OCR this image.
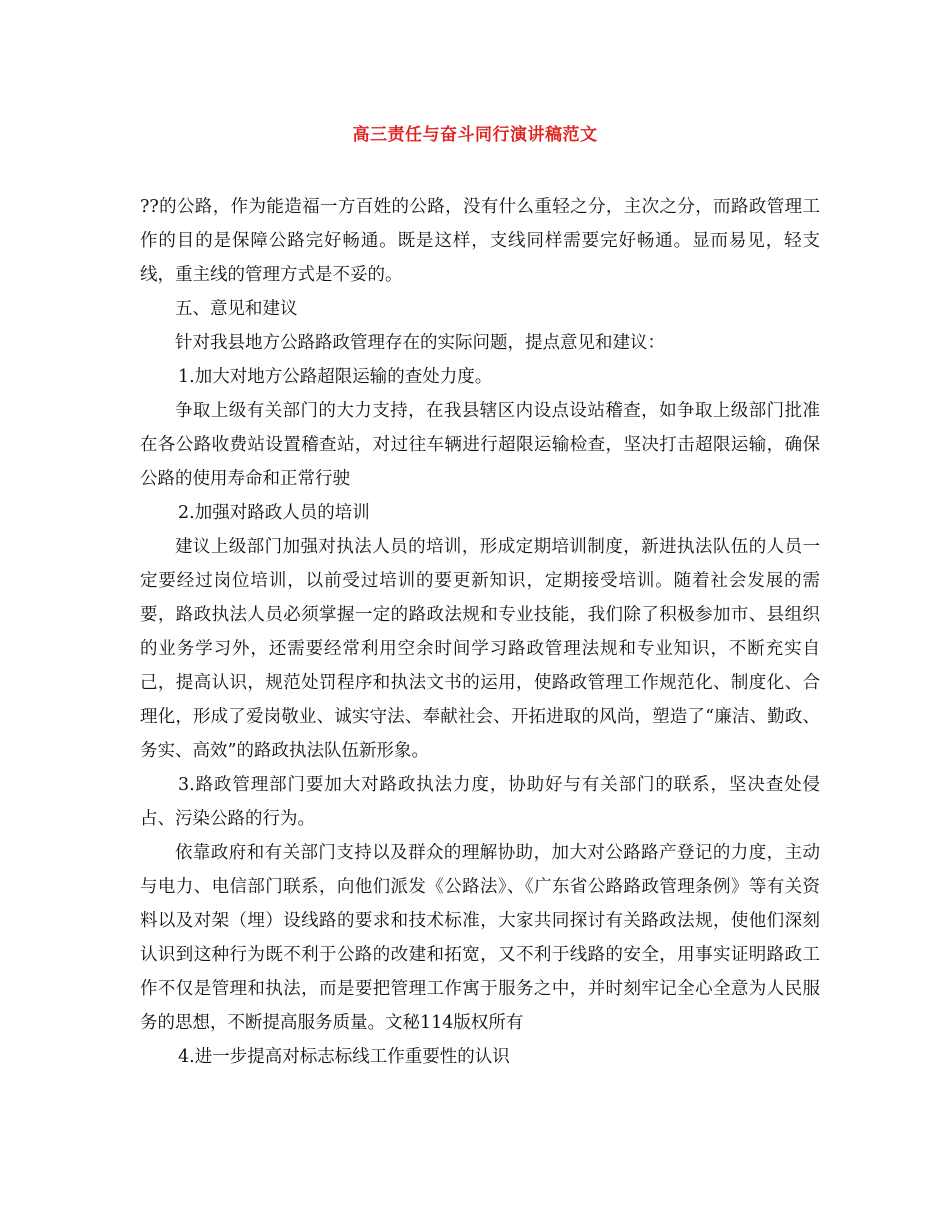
高三责任与奋斗同行演讲稿范文

??的公路，作为能造福一方百姓的公路，没有什么重轻之分，主次之分，而路政管理工作的目的是保障公路完好畅通。既是这样，支线同样需要完好畅通。显而易见，轻支线，重主线的管理方式是不妥的。

五、意见和建议

针对我县地方公路路政管理存在的实际问题，提点意见和建议：

1.加大对地方公路超限运输的查处力度。

争取上级有关部门的大力支持，在我县辖区内设点设站稽查，如争取上级部门批准在各公路收费站设置稽查站，对过往车辆进行超限运输检查，坚决打击超限运输，确保公路的使用寿命和正常行驶

2.加强对路政人员的培训

建议上级部门加强对执法人员的培训，形成定期培训制度，新进执法队伍的人员一定要经过岗位培训，以前受过培训的要更新知识，定期接受培训。随着社会发展的需要，路政执法人员必须掌握一定的路政法规和专业技能，我们除了积极参加市、县组织的业务学习外，还需要经常利用空余时间学习路政管理法规和专业知识，不断充实自己，提高认识，规范处罚程序和执法文书的运用，使路政管理工作规范化、制度化、合理化，形成了爱岗敬业、诚实守法、奉献社会、开拓进取的风尚，塑造了“廉洁、勤政、务实、高效”的路政执法队伍新形象。

3.路政管理部门要加大对路政执法力度，协助好与有关部门的联系，坚决查处侵占、污染公路的行为。

依靠政府和有关部门支持以及群众的理解协助，加大对公路路产登记的力度，主动与电力、电信部门联系，向他们派发《公路法》、《广东省公路路政管理条例》等有关资料以及对架（埋）设线路的要求和技术标准，大家共同探讨有关路政法规，使他们深刻认识到这种行为既不利于公路的改建和拓宽，又不利于线路的安全，用事实证明路政工作不仅是管理和执法，而是要把管理工作寓于服务之中，并时刻牢记全心全意为人民服务的思想，不断提高服务质量。文秘114版权所有

4.进一步提高对标志标线工作重要性的认识
